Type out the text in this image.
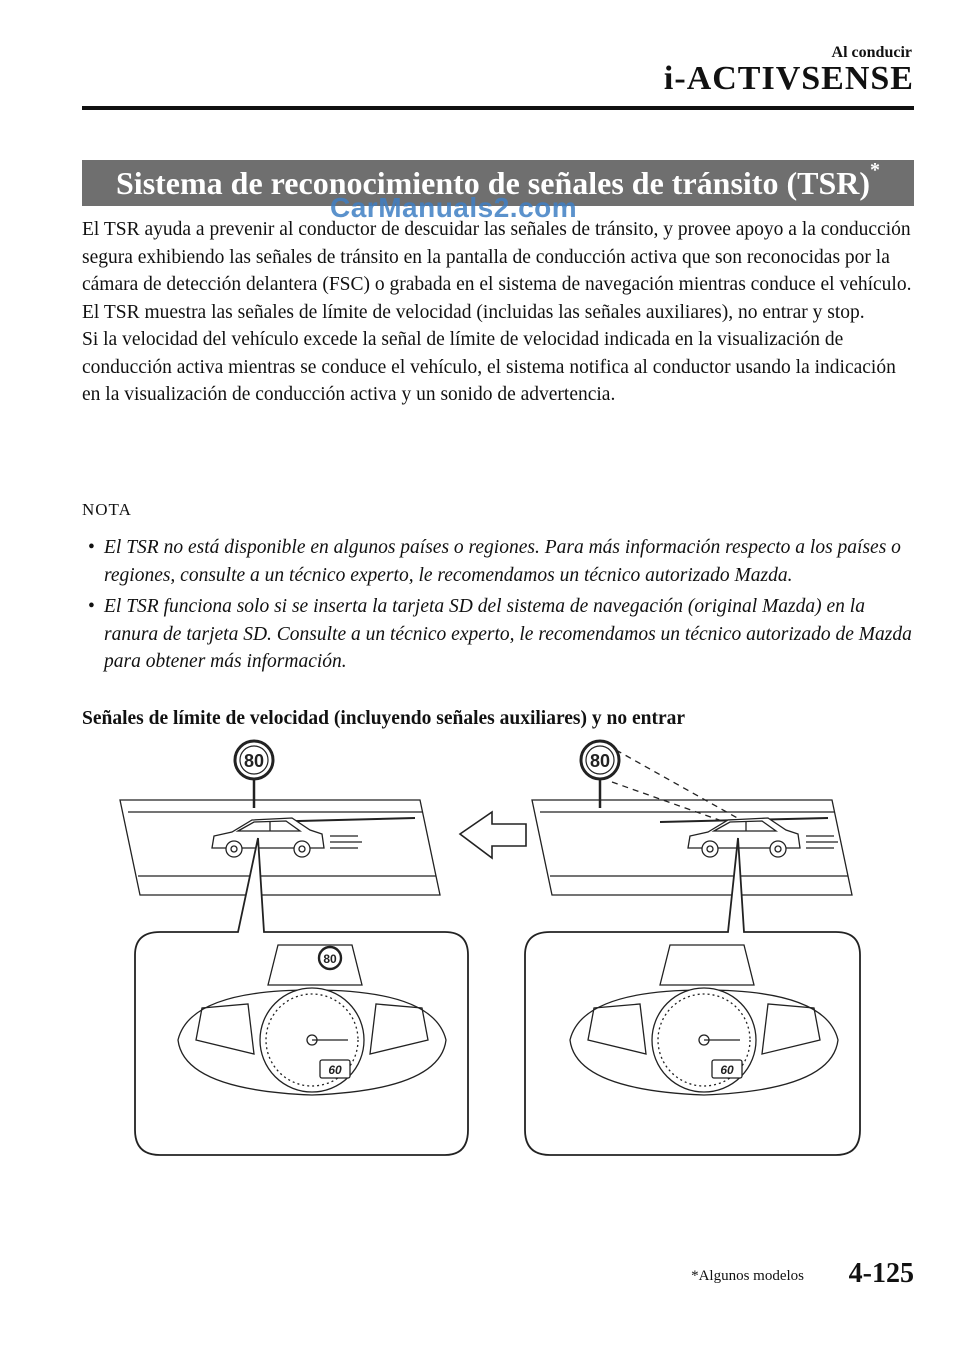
Al conducir
i-ACTIVSENSE
Sistema de reconocimiento de señales de tránsito (TSR)*
CarManuals2.com

El TSR ayuda a prevenir al conductor de descuidar las señales de tránsito, y provee apoyo a la conducción segura exhibiendo las señales de tránsito en la pantalla de conducción activa que son reconocidas por la cámara de detección delantera (FSC) o grabada en el sistema de navegación mientras conduce el vehículo.

El TSR muestra las señales de límite de velocidad (incluidas las señales auxiliares), no entrar y stop.

Si la velocidad del vehículo excede la señal de límite de velocidad indicada en la visualización de conducción activa mientras se conduce el vehículo, el sistema notifica al conductor usando la indicación en la visualización de conducción activa y un sonido de advertencia.

NOTA
• El TSR no está disponible en algunos países o regiones. Para más información respecto a los países o regiones, consulte a un técnico experto, le recomendamos un técnico autorizado Mazda.
• El TSR funciona solo si se inserta la tarjeta SD del sistema de navegación (original Mazda) en la ranura de tarjeta SD. Consulte a un técnico experto, le recomendamos un técnico autorizado de Mazda para obtener más información.
Señales de límite de velocidad (incluyendo señales auxiliares) y no entrar
80	80
80
60	60
*Algunos modelos 4-125
